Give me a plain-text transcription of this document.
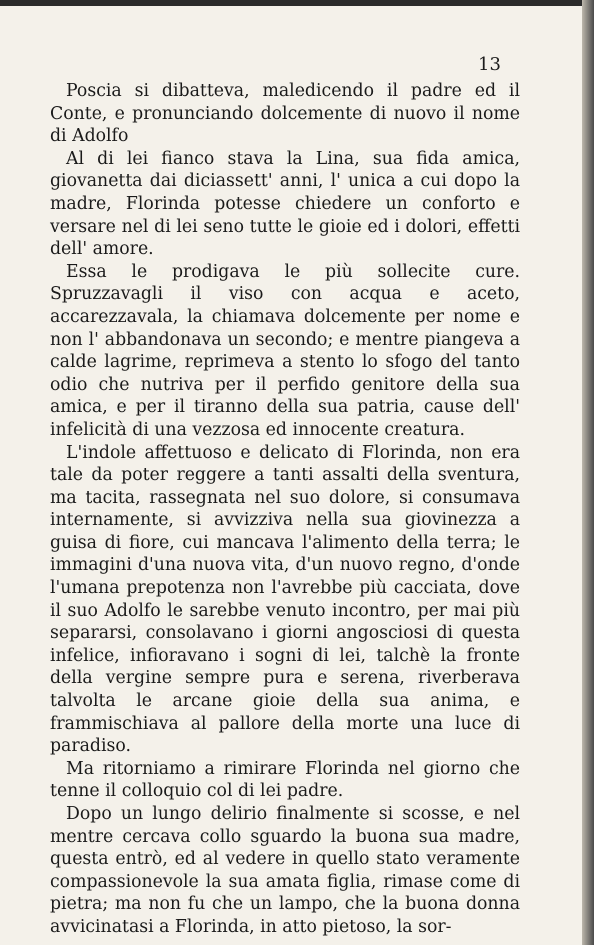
13

Poscia si dibatteva, maledicendo il padre ed il Conte, e pronunciando dolcemente di nuovo il nome di Adolfo

Al di lei fianco stava la Lina, sua fida amica, giovanetta dai diciassett' anni, l' unica a cui dopo la madre, Florinda potesse chiedere un conforto e versare nel di lei seno tutte le gioie ed i dolori, effetti dell' amore.

Essa le prodigava le più sollecite cure. Spruzzavagli il viso con acqua e aceto, accarezzavala, la chiamava dolcemente per nome e non l' abbandonava un secondo; e mentre piangeva a calde lagrime, reprimeva a stento lo sfogo del tanto odio che nutriva per il perfido genitore della sua amica, e per il tiranno della sua patria, cause dell' infelicità di una vezzosa ed innocente creatura.

L'indole affettuoso e delicato di Florinda, non era tale da poter reggere a tanti assalti della sventura, ma tacita, rassegnata nel suo dolore, si consumava internamente, si avvizziva nella sua giovinezza a guisa di fiore, cui mancava l'alimento della terra; le immagini d'una nuova vita, d'un nuovo regno, d'onde l'umana prepotenza non l'avrebbe più cacciata, dove il suo Adolfo le sarebbe venuto incontro, per mai più separarsi, consolavano i giorni angosciosi di questa infelice, infioravano i sogni di lei, talchè la fronte della vergine sempre pura e serena, riverberava talvolta le arcane gioie della sua anima, e frammischiava al pallore della morte una luce di paradiso.

Ma ritorniamo a rimirare Florinda nel giorno che tenne il colloquio col di lei padre.

Dopo un lungo delirio finalmente si scosse, e nel mentre cercava collo sguardo la buona sua madre, questa entrò, ed al vedere in quello stato veramente compassionevole la sua amata figlia, rimase come di pietra; ma non fu che un lampo, che la buona donna avvicinatasi a Florinda, in atto pietoso, la sor-
